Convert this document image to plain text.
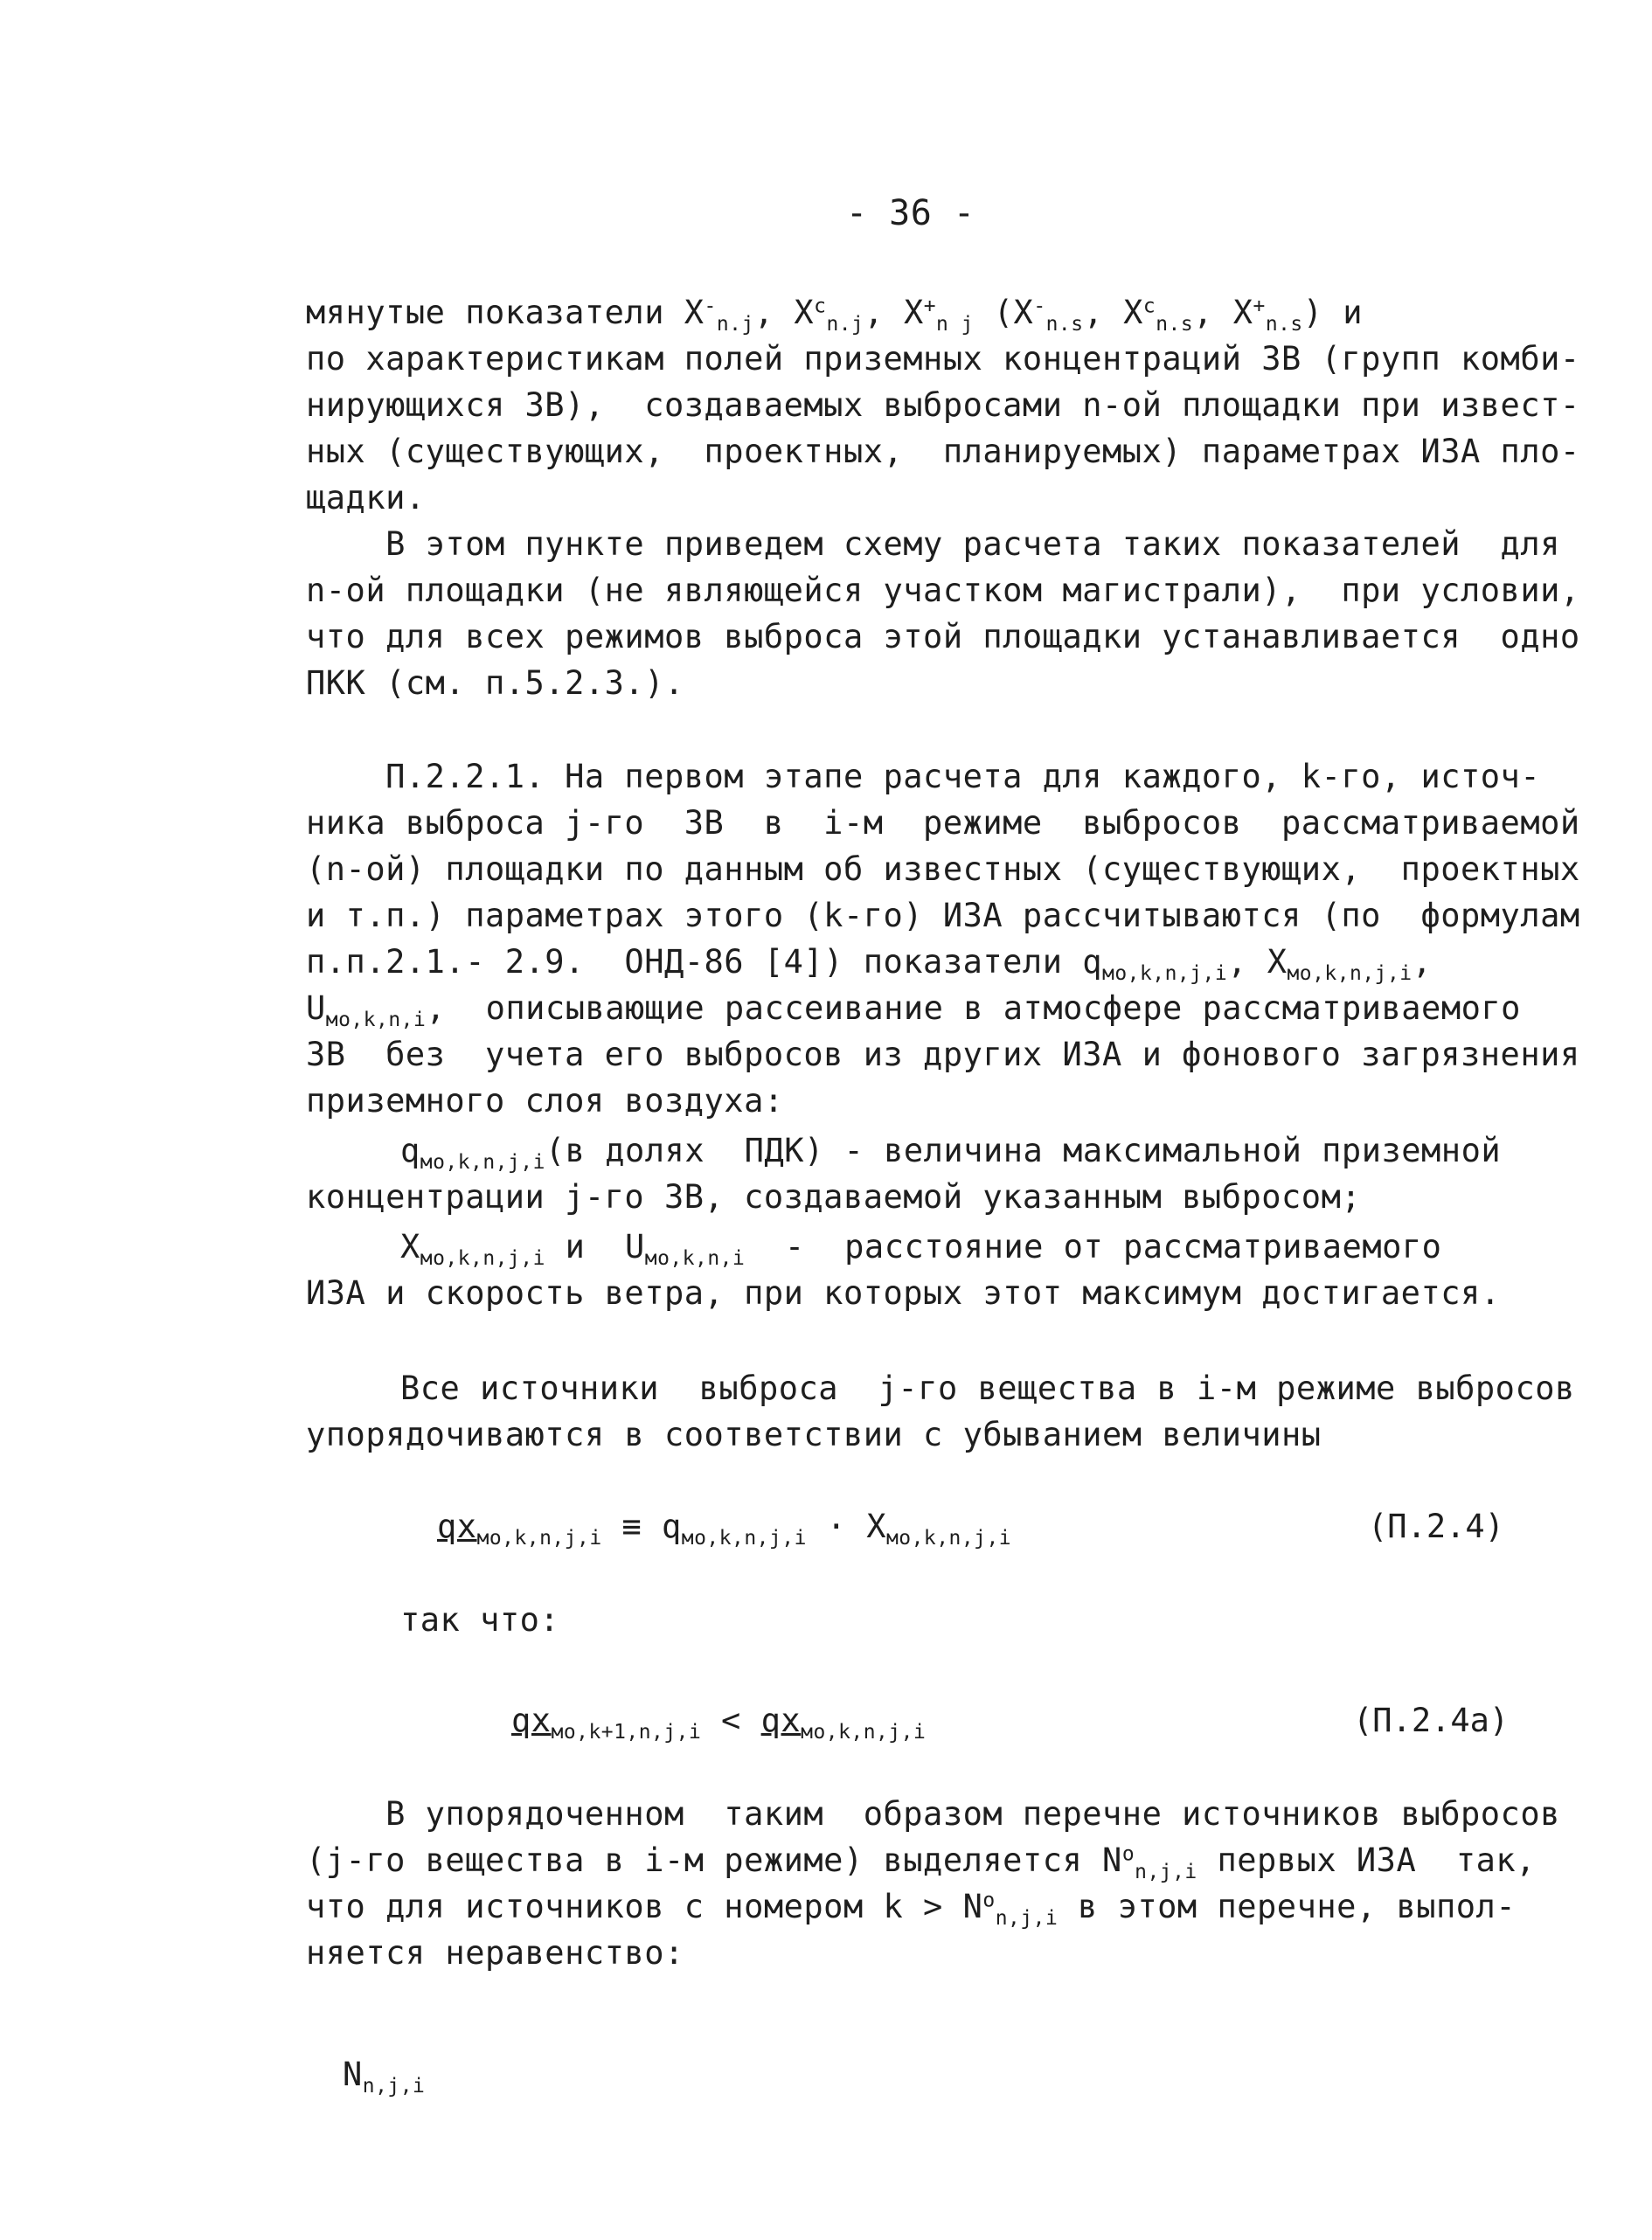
- 36 -
мянутые показатели $X^-_{n.j}$, $X^c_{n.j}$, $X^+_{n j}$ ($X^-_{n.s}$, $X^c_{n.s}$, $X^+_{n.s}$) и
по характеристикам полей приземных концентраций ЗВ (групп комби-
нирующихся ЗВ),  создаваемых выбросами n-ой площадки при извест-
ных (существующих,  проектных,  планируемых) параметрах ИЗА пло-
щадки.
В этом пункте приведем схему расчета таких показателей  для
n-ой площадки (не являющейся участком магистрали),  при условии,
что для всех режимов выброса этой площадки устанавливается  одно
ПКК (см. п.5.2.3.).
П.2.2.1. На первом этапе расчета для каждого, k-го, источ-
ника выброса j-го  ЗВ  в  i-м  режиме  выбросов  рассматриваемой
(n-ой) площадки по данным об известных (существующих,  проектных
и т.п.) параметрах этого (k-го) ИЗА рассчитываются (по  формулам
п.п.2.1.- 2.9.  ОНД-86 [4]) показатели $q_{мо,k,n,j,i}$, $X_{мо,k,n,j,i}$,
$U_{мо,k,n,i}$,  описывающие рассеивание в атмосфере рассматриваемого
ЗВ  без  учета его выбросов из других ИЗА и фонового загрязнения
приземного слоя воздуха:
$q_{мо,k,n,j,i}(в$ долях  ПДК) - величина максимальной приземной
концентрации j-го ЗВ, создаваемой указанным выбросом;
$X_{мо,k,n,j,i}$ и  $U_{мо,k,n,i}$  -  расстояние от рассматриваемого
ИЗА и скорость ветра, при которых этот максимум достигается.
Все источники  выброса  j-го вещества в i-м режиме выбросов
упорядочиваются в соответствии с убыванием величины
$qx_{мо,k,n,j,i} \equiv q_{мо,k,n,j,i} \cdot X_{мо,k,n,j,i}$	(П.2.4)
так что:
$qx_{мо,k+1,n,j,i} < qx_{мо,k,n,j,i}$	(П.2.4а)
В упорядоченном  таким  образом перечне источников выбросов
(j-го вещества в i-м режиме) выделяется $N^o_{n,j,i}$ первых ИЗА  так,
что для источников с номером $k > N^o_{n,j,i}$ в этом перечне, выпол-
няется неравенство:
$N_{n,j,i}$
